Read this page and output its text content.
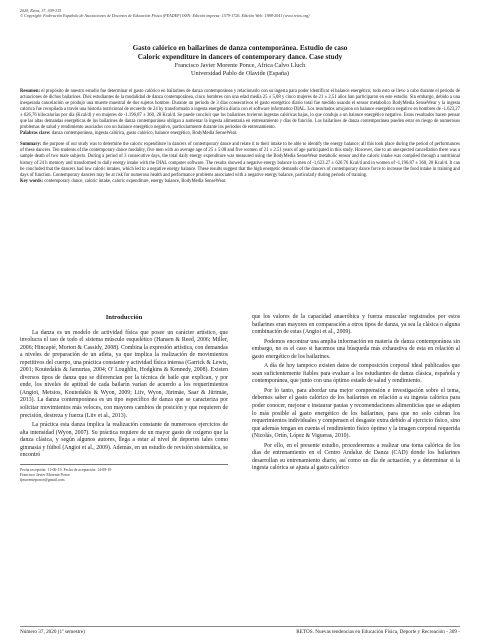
2020, Retos, 37, 309-315
© Copyright: Federación Española de Asociaciones de Docentes de Educación Física (FEADEF) ISSN: Edición impresa: 1579-1726. Edición Web: 1988-2041 (www.retos.org)
Gasto calórico en bailarines de danza contemporánea. Estudio de caso
Caloric expenditure in dancers of contemporary dance. Case study
Francisco Javier Morente Ponce, Africa Calvo Lluch
Universidad Pablo de Olavide (España)

Resumen: el propósito de nuestro estudio fue determinar el gasto calórico en bailarines de danza contemporánea y relacionarlo con su ingesta para poder identificar el balance energético; todo esto se llevo a cabo durante el periodo de actuaciones de dichos bailarines. Diez estudiantes de la modalidad de danza contemporánea, cinco hombres con una edad media 25 ± 5,08 y cinco mujeres de 21 ± 2,51 años han participaron en este estudio. Sin embargo, debido a una inesperada cancelación se produjo una muerte muestral de dos sujetos hombre. Durante un periodo de 3 días consecutivos el gasto energético diario total fue medido usando el sensor metabolico BodyMedia SenseWear y la ingesta calórica fue recopilada a través una historia nutricional de recuerdo de 24 hy transformado a ingesta energética diaria con el software informatico DIAL. Los resultados arrojaron un balance energético negativo en hombres de -1.623,27 ± 626,76 kilocalorías por día (Kcal/d) y en mujeres de -1.196,87 ± 360, 28 Kcal/d. Se puede concluir que los bailarines tuvieron ingestas calóricas bajas, lo que condujo a un balance energético negativo. Estos resultados hacen pensar que las altas demandas energéticas de los bailarines de danza contemporánea obligan a aumentar la ingesta alimentaria en entrenamiento y días de función. Los bailarines de danza contemporánea pueden estar en riesgo de numerosos problemas de salud y rendimiento asociados con un balance energético negativo, particularmente durante los periodos de entrenamiento.

Palabras clave: danza contemporánea, ingesta calórica, gasto calórico, balance energético, BodyMedia SenseWear.

Summary: the purpose of our study was to determine the caloric expenditure in dancers of contemporary dance and relate it to their intake to be able to identify the energy balance; all this took place during the period of performances of these dancers. Ten students of the contemporary dance modality, five men with an average age of 25 ± 5.08 and five women of 21 ± 2.51 years of age participated in this study. However, due to an unexpected cancellation there was a sample death of two male subjects. During a period of 3 consecutive days, the total daily energy expenditure was measured using the BodyMedia SenseWear metabolic sensor and the caloric intake was compiled through a nutritional history of 24 h memory and transformed to daily energy intake with the DIAL computer software. The results showed a negative energy balance in men of -1,623.27 ± 626.76 Kcal/d and in women of -1,196.87 ± 360, 28 Kcal/d. It can be concluded that the dancers had low caloric intakes, which led to a negative energy balance. These results suggest that the high energetic demands of the dancers of contemporary dance force to increase the food intake in training and days of function. Contemporary dancers may be at risk for numerous health and performance problems associated with a negative energy balance, particularly during periods of training.

Key words: contemporary dance, caloric intake, caloric expenditure, energy balance, BodyMedia SenseWear.

Introducción

La danza es un modelo de actividad física que posee un carácter artístico, que involucra el uso de todo el sistema músculo esquelético (Hansen & Reed, 2006; Miller, 2006; Hincapié, Morton & Cassidy, 2008). Combina la expresión artística, con demandas a niveles de preparación de un atleta, ya que implica la realización de movimientos repetitivos del cuerpo, una práctica constante y actividad física intensa (Garrick & Lewis, 2001; Koutedakis & Jamurtas, 2004; O' Loughlin, Hodgkins & Kennedy, 2008). Existen diversos tipos de danza que se diferencian por la técnica de baile que explican, y por ende, los niveles de aptitud de cada bailarín varían de acuerdo a los requerimientos (Angioi, Metsios, Koutedakis & Wyon, 2009; Liiv, Wyon, Jürimäe, Saar & Jürimäe, 2013). La danza contemporánea es un tipo específico de danza que se caracteriza por solicitar movimientos más veloces, con mayores cambios de posición y que requieren de precisión, destreza y fuerza (Liiv et al., 2013).

La práctica esta danza implica la realización constante de numerosos ejercicios de alta intensidad (Wyon, 2007). Su práctica requiere de un mayor gasto de oxígeno que la danza clásica, y según algunos autores, llega a estar al nivel de deportes tales como gimnasia y fútbol (Angioi et al., 2009). Además, en un estudio de revisión sistemática, se encontró

Fecha recepción: 11-06-19. Fecha de aceptación: 14-09-19
Francisco Javier Morente Ponce
fjmorenteponce@gmail.com

que los valores de la capacidad anaeróbica y fuerza muscular registrados por estos bailarines eran mayores en comparación a otros tipos de danza, ya sea la clásica o alguna combinación de estas (Angioi et al., 2009).

Podemos encontrar una amplia información en materia de danza contemporánea sin embargo, no es el caso si hacemos una búsqueda más exhaustiva de esta en relación al gasto energético de los bailarines.

A día de hoy tampoco existen datos de composición corporal ideal publicados que sean suficientemente fiables para evaluar a los estudiantes de danza clásica, española y contemporánea, que junto con una óptimo estado de salud y rendimiento.

Por lo tanto, para abordar una mejor comprensión e investigación sobre el tema, debemos saber el gasto calórico de los bailarines en relación a su ingesta calórica para poder conocer, mejorar e instaurar pautas y recomendaciones alimenticias que se adapten lo más posible al gasto energético de los bailarines, para que no solo cubran los requerimientos individuales y compensen el desgaste extra debido al ejercicio físico, sino que además tengan en cuenta el rendimiento físico óptimo y la imagen corporal requerida (Nicolás, Ortín, López & Vigueras, 2010).

Por ello, en el presente estudio, procederemos a realizar una toma calórica de los días de entrenamiento en el Centro Andaluz de Danza (CAD) donde los bailarines desarrollan su entrenamiento diario, así como un día de actuación, y a determinar si la ingesta calórica se ajusta al gasto calórico

Número 37, 2020 (1º semestre)	RETOS. Nuevas tendencias en Educación Física, Deporte y Recreación - 309 -
